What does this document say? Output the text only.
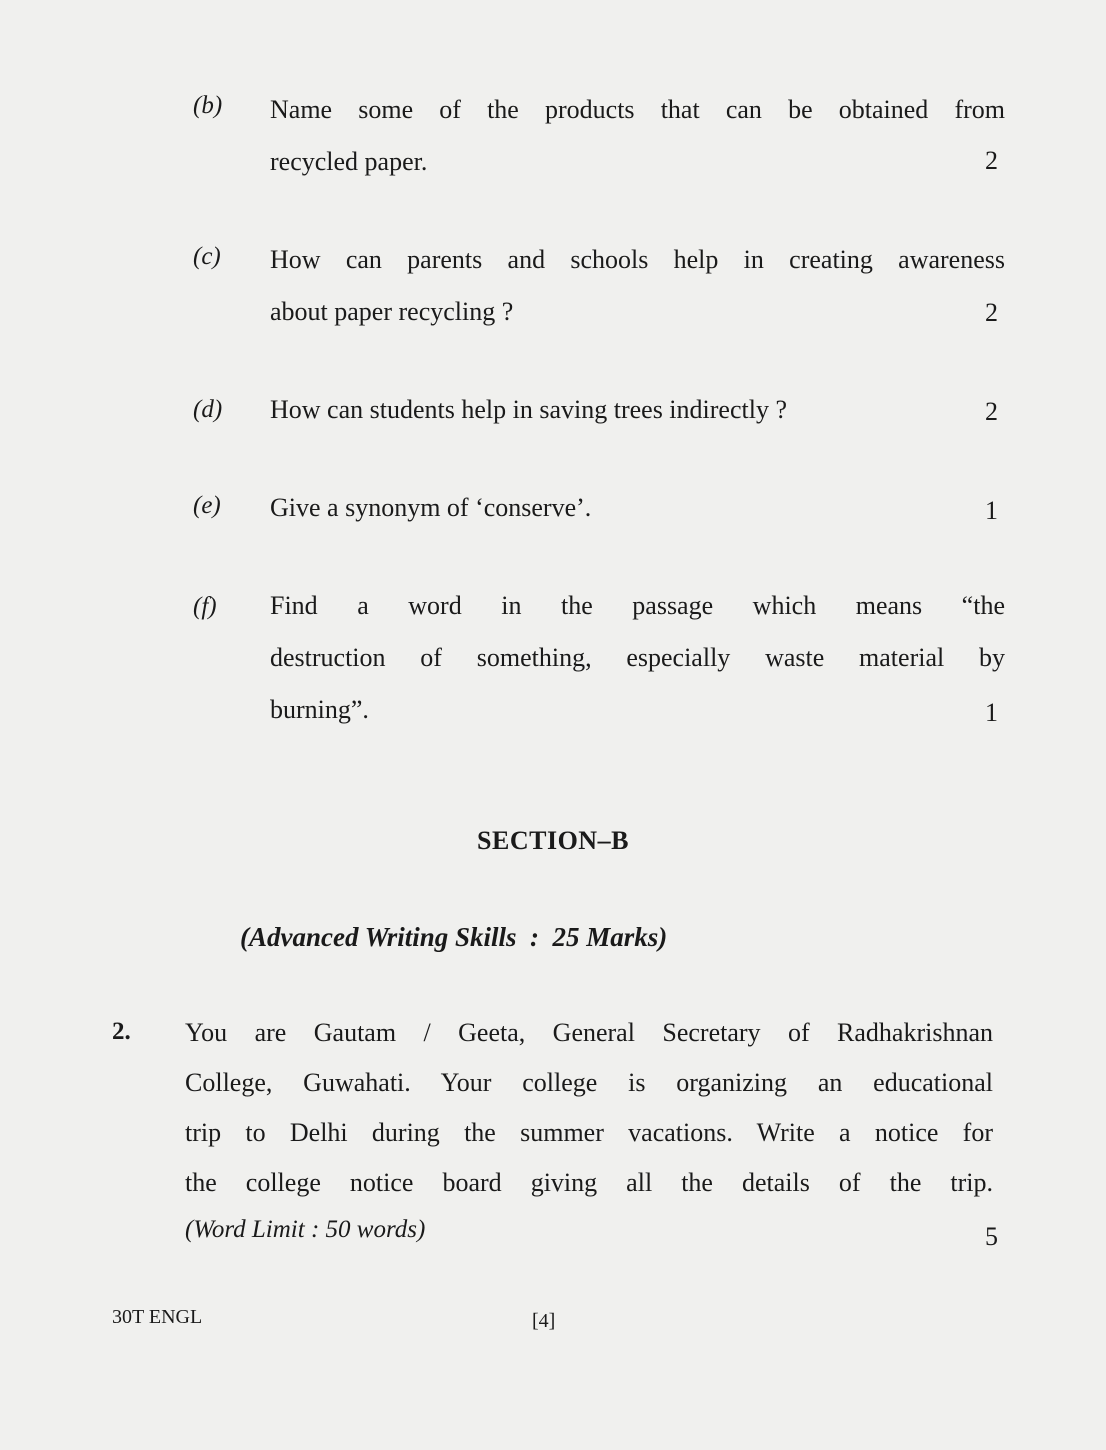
(b) Name some of the products that can be obtained from

recycled paper.	2
(c) How can parents and schools help in creating awareness

about paper recycling ?	2
(d) How can students help in saving trees indirectly ?	2
(e) Give a synonym of ‘conserve’.	1
(f) Find a word in the passage which means “the

destruction of something, especially waste material by

burning”.	1
SECTION–B
(Advanced Writing Skills  :  25 Marks)
2. You are Gautam / Geeta, General Secretary of Radhakrishnan
College, Guwahati. Your college is organizing an educational
trip to Delhi during the summer vacations. Write a notice for
the college notice board giving all the details of the trip.
(Word Limit : 50 words)	5
30T ENGL	[4]
